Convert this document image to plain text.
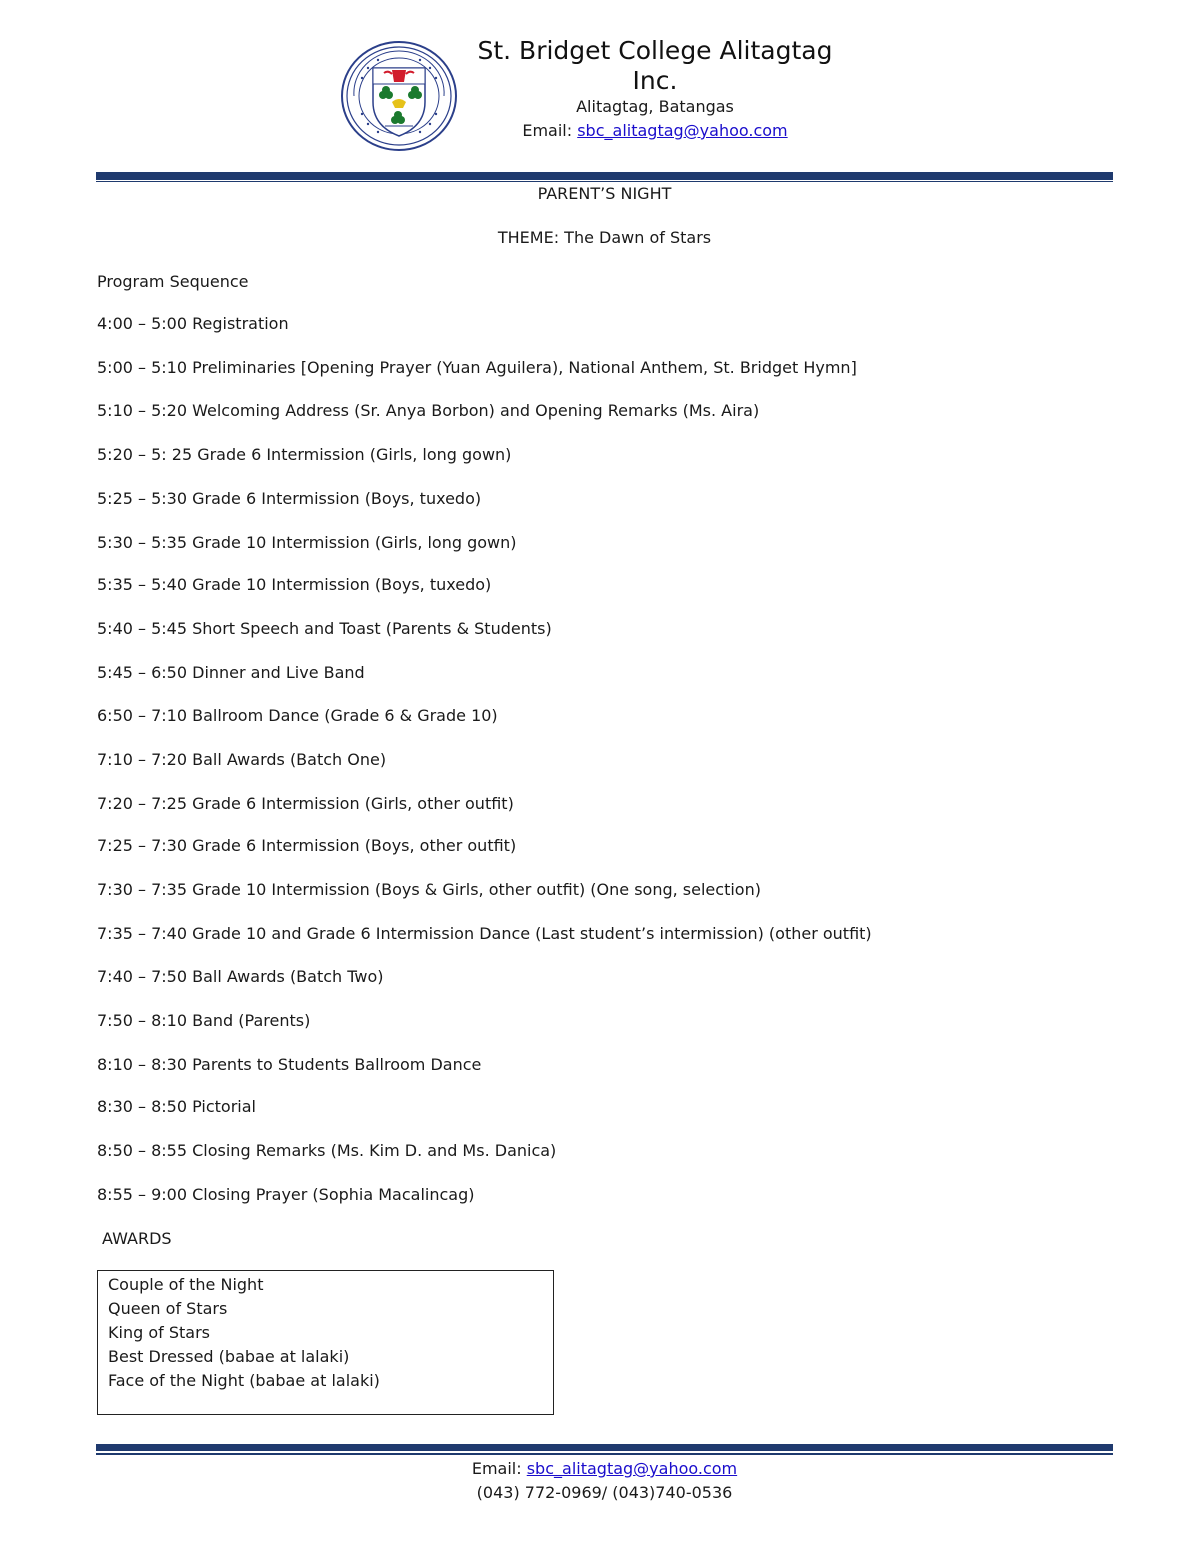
St. Bridget College Alitagtag
Inc.
Alitagtag, Batangas
Email: sbc_alitagtag@yahoo.com
PARENT’S NIGHT
THEME: The Dawn of Stars
Program Sequence
4:00 – 5:00 Registration
5:00 – 5:10 Preliminaries [Opening Prayer (Yuan Aguilera), National Anthem, St. Bridget Hymn]
5:10 – 5:20 Welcoming Address (Sr. Anya Borbon) and Opening Remarks (Ms. Aira)
5:20 – 5: 25 Grade 6 Intermission (Girls, long gown)
5:25 – 5:30 Grade 6 Intermission (Boys, tuxedo)
5:30 – 5:35 Grade 10 Intermission (Girls, long gown)
5:35 – 5:40 Grade 10 Intermission (Boys, tuxedo)
5:40 – 5:45 Short Speech and Toast (Parents & Students)
5:45 – 6:50 Dinner and Live Band
6:50 – 7:10 Ballroom Dance (Grade 6 & Grade 10)
7:10 – 7:20 Ball Awards (Batch One)
7:20 – 7:25 Grade 6 Intermission (Girls, other outfit)
7:25 – 7:30 Grade 6 Intermission (Boys, other outfit)
7:30 – 7:35 Grade 10 Intermission (Boys & Girls, other outfit) (One song, selection)
7:35 – 7:40 Grade 10 and Grade 6 Intermission Dance (Last student’s intermission) (other outfit)
7:40 – 7:50 Ball Awards (Batch Two)
7:50 – 8:10 Band (Parents)
8:10 – 8:30 Parents to Students Ballroom Dance
8:30 – 8:50 Pictorial
8:50 – 8:55 Closing Remarks (Ms. Kim D. and Ms. Danica)
8:55 – 9:00 Closing Prayer (Sophia Macalincag)
AWARDS
Couple of the Night
Queen of Stars
King of Stars
Best Dressed (babae at lalaki)
Face of the Night (babae at lalaki)
Email: sbc_alitagtag@yahoo.com
(043) 772-0969/ (043)740-0536
